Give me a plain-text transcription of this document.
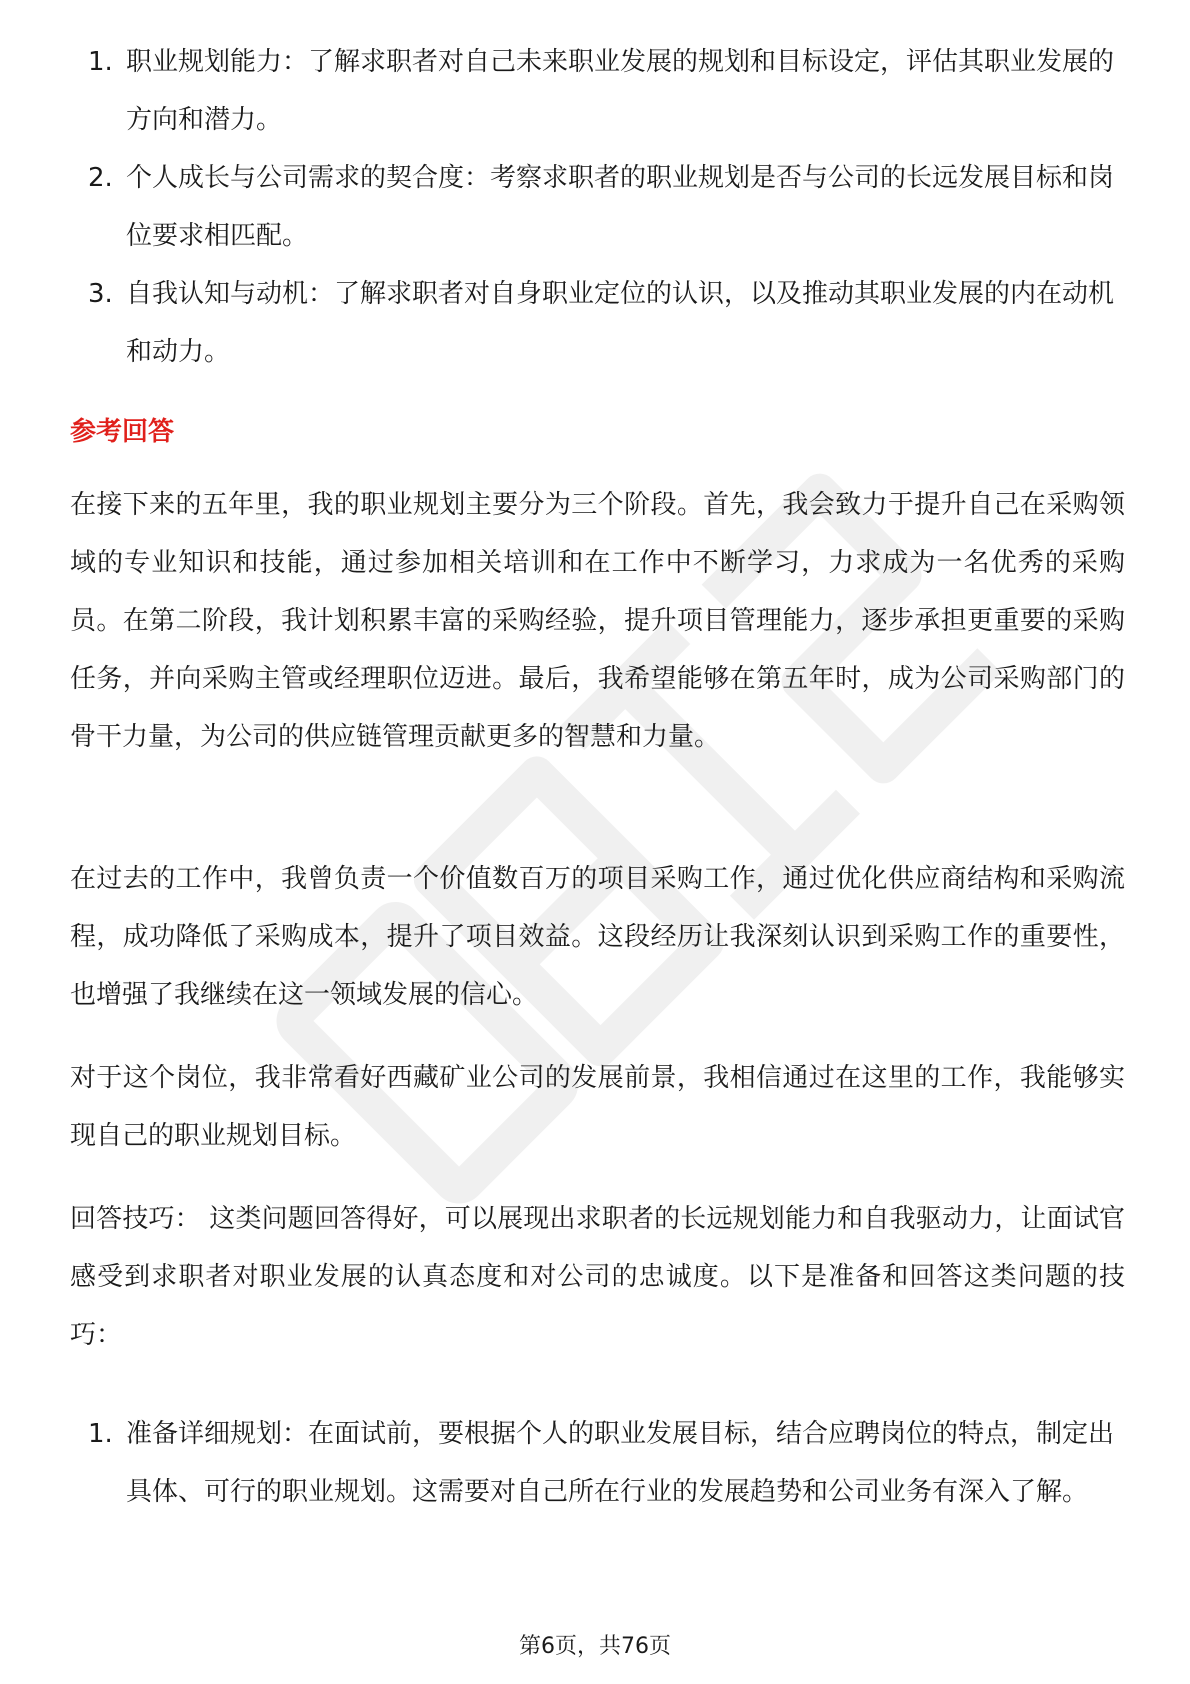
1. 职业规划能力：了解求职者对自己未来职业发展的规划和目标设定，评估其职业发展的方向和潜力。
2. 个人成长与公司需求的契合度：考察求职者的职业规划是否与公司的长远发展目标和岗位要求相匹配。
3. 自我认知与动机：了解求职者对自身职业定位的认识，以及推动其职业发展的内在动机和动力。
参考回答

在接下来的五年里，我的职业规划主要分为三个阶段。首先，我会致力于提升自己在采购领域的专业知识和技能，通过参加相关培训和在工作中不断学习，力求成为一名优秀的采购员。在第二阶段，我计划积累丰富的采购经验，提升项目管理能力，逐步承担更重要的采购任务，并向采购主管或经理职位迈进。最后，我希望能够在第五年时，成为公司采购部门的骨干力量，为公司的供应链管理贡献更多的智慧和力量。

在过去的工作中，我曾负责一个价值数百万的项目采购工作，通过优化供应商结构和采购流程，成功降低了采购成本，提升了项目效益。这段经历让我深刻认识到采购工作的重要性，也增强了我继续在这一领域发展的信心。

对于这个岗位，我非常看好西藏矿业公司的发展前景，我相信通过在这里的工作，我能够实现自己的职业规划目标。

回答技巧： 这类问题回答得好，可以展现出求职者的长远规划能力和自我驱动力，让面试官感受到求职者对职业发展的认真态度和对公司的忠诚度。以下是准备和回答这类问题的技巧：

1. 准备详细规划：在面试前，要根据个人的职业发展目标，结合应聘岗位的特点，制定出具体、可行的职业规划。这需要对自己所在行业的发展趋势和公司业务有深入了解。
第6页，共76页
